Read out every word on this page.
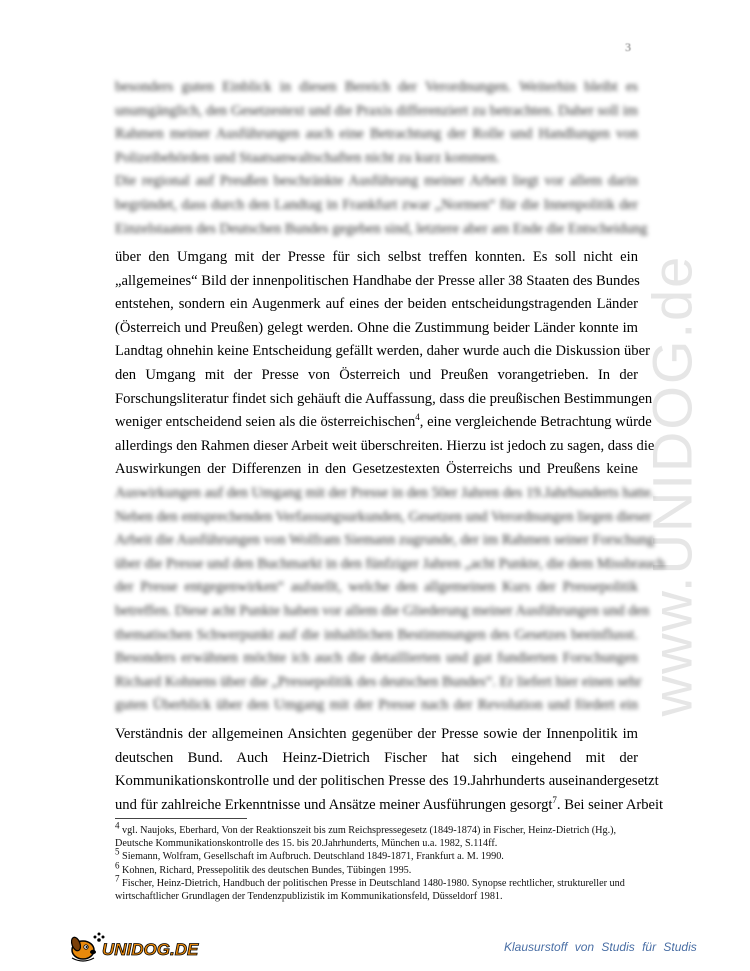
3
www.UNIDOG.de
besonders guten Einblick in diesen Bereich der Verordnungen. Weiterhin bleibt es
unumgänglich, den Gesetzestext und die Praxis differenziert zu betrachten. Daher soll im
Rahmen meiner Ausführungen auch eine Betrachtung der Rolle und Handlungen von
Polizeibehörden und Staatsanwaltschaften nicht zu kurz kommen.
Die regional auf Preußen beschränkte Ausführung meiner Arbeit liegt vor allem darin
begründet, dass durch den Landtag in Frankfurt zwar „Normen“ für die Innenpolitik der
Einzelstaaten des Deutschen Bundes gegeben sind, letztere aber am Ende die Entscheidung
über den Umgang mit der Presse für sich selbst treffen konnten. Es soll nicht ein
„allgemeines“ Bild der innenpolitischen Handhabe der Presse aller 38 Staaten des Bundes
entstehen, sondern ein Augenmerk auf eines der beiden entscheidungstragenden Länder
(Österreich und Preußen) gelegt werden. Ohne die Zustimmung beider Länder konnte im
Landtag ohnehin keine Entscheidung gefällt werden, daher wurde auch die Diskussion über
den Umgang mit der Presse von Österreich und Preußen vorangetrieben. In der
Forschungsliteratur findet sich gehäuft die Auffassung, dass die preußischen Bestimmungen
weniger entscheidend seien als die österreichischen$^4$, eine vergleichende Betrachtung würde
allerdings den Rahmen dieser Arbeit weit überschreiten. Hierzu ist jedoch zu sagen, dass die
Auswirkungen der Differenzen in den Gesetzestexten Österreichs und Preußens keine
Auswirkungen auf den Umgang mit der Presse in den 50er Jahren des 19.Jahrhunderts hatte.
Neben den entsprechenden Verfassungsurkunden, Gesetzen und Verordnungen liegen dieser
Arbeit die Ausführungen von Wolfram Siemann zugrunde, der im Rahmen seiner Forschung
über die Presse und den Buchmarkt in den fünfziger Jahren „acht Punkte, die dem Missbrauch
der Presse entgegenwirken“ aufstellt, welche den allgemeinen Kurs der Pressepolitik
betreffen. Diese acht Punkte haben vor allem die Gliederung meiner Ausführungen und den
thematischen Schwerpunkt auf die inhaltlichen Bestimmungen des Gesetzes beeinflusst.
Besonders erwähnen möchte ich auch die detaillierten und gut fundierten Forschungen
Richard Kohnens über die „Pressepolitik des deutschen Bundes“. Er liefert hier einen sehr
guten Überblick über den Umgang mit der Presse nach der Revolution und fördert ein
Verständnis der allgemeinen Ansichten gegenüber der Presse sowie der Innenpolitik im
deutschen Bund. Auch Heinz-Dietrich Fischer hat sich eingehend mit der
Kommunikationskontrolle und der politischen Presse des 19.Jahrhunderts auseinandergesetzt
und für zahlreiche Erkenntnisse und Ansätze meiner Ausführungen gesorgt$^7$. Bei seiner Arbeit

4 vgl. Naujoks, Eberhard, Von der Reaktionszeit bis zum Reichspressegesetz (1849-1874) in Fischer, Heinz-Dietrich (Hg.), Deutsche Kommunikationskontrolle des 15. bis 20.Jahrhunderts, München u.a. 1982, S.114ff.

5 Siemann, Wolfram, Gesellschaft im Aufbruch. Deutschland 1849-1871, Frankfurt a. M. 1990.

6 Kohnen, Richard, Pressepolitik des deutschen Bundes, Tübingen 1995.

7 Fischer, Heinz-Dietrich, Handbuch der politischen Presse in Deutschland 1480-1980. Synopse rechtlicher, struktureller und wirtschaftlicher Grundlagen der Tendenzpublizistik im Kommunikationsfeld, Düsseldorf 1981.

UNIDOG.DE	Klausurstoff von Studis für Studis
